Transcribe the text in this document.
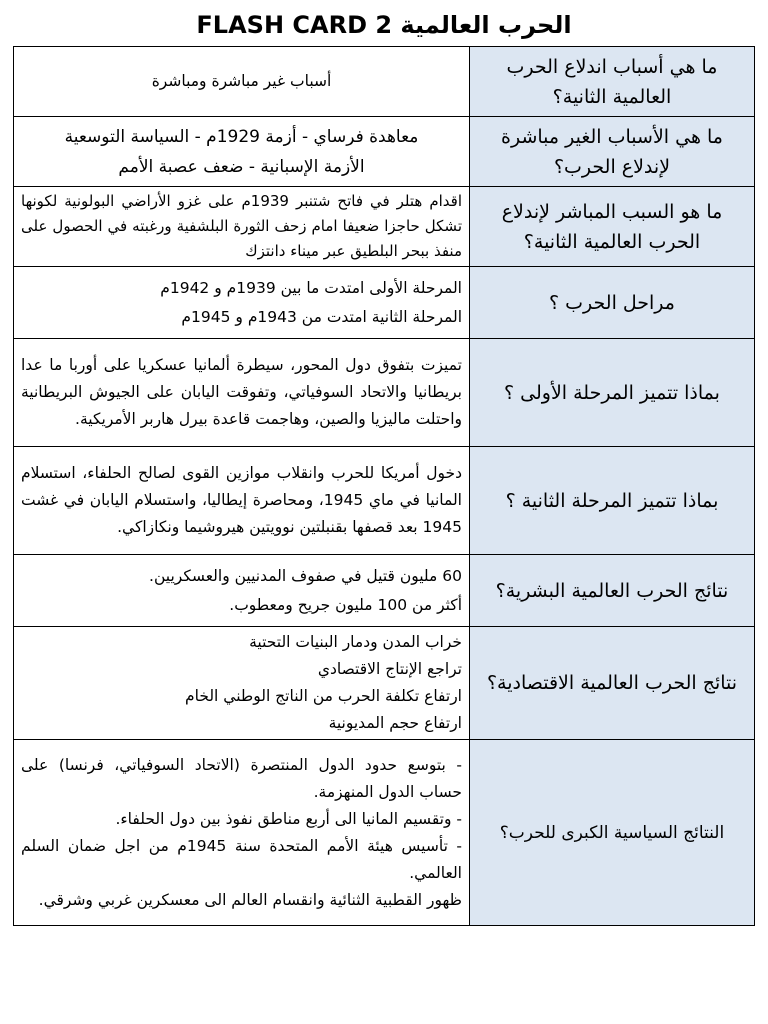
الحرب العالمية FLASH CARD 2
ما هي أسباب اندلاع الحرب العالمية الثانية؟	أسباب غير مباشرة ومباشرة

ما هي الأسباب الغير مباشرة لإندلاع الحرب؟	معاهدة فرساي - أزمة 1929م - السياسة التوسعية
الأزمة الإسبانية - ضعف عصبة الأمم

ما هو السبب المباشر لإندلاع الحرب العالمية الثانية؟	اقدام هتلر في فاتح شتنبر 1939م على غزو الأراضي البولونية لكونها تشكل حاجزا ضعيفا امام زحف الثورة البلشفية ورغبته في الحصول على منفذ ببحر البلطيق عبر ميناء دانتزك

مراحل الحرب ؟	المرحلة الأولى امتدت ما بين 1939م و 1942م
المرحلة الثانية امتدت من 1943م و 1945م

بماذا تتميز المرحلة الأولى ؟	تميزت بتفوق دول المحور، سيطرة ألمانيا عسكريا على أوربا ما عدا بريطانيا والاتحاد السوفياتي، وتفوقت اليابان على الجيوش البريطانية واحتلت ماليزيا والصين، وهاجمت قاعدة بيرل هاربر الأمريكية.

بماذا تتميز المرحلة الثانية ؟	دخول أمريكا للحرب وانقلاب موازين القوى لصالح الحلفاء، استسلام المانيا في ماي 1945، ومحاصرة إيطاليا، واستسلام اليابان في غشت 1945 بعد قصفها بقنبلتين نوويتين هيروشيما ونكازاكي.

نتائج الحرب العالمية البشرية؟	60 مليون قتيل في صفوف المدنيين والعسكريين.
أكثر من 100 مليون جريح ومعطوب.

نتائج الحرب العالمية الاقتصادية؟	خراب المدن ودمار البنيات التحتية
تراجع الإنتاج الاقتصادي
ارتفاع تكلفة الحرب من الناتج الوطني الخام
ارتفاع حجم المديونية

النتائج السياسية الكبرى للحرب؟	- بتوسع حدود الدول المنتصرة (الاتحاد السوفياتي، فرنسا) على حساب الدول المنهزمة.
- وتقسيم المانيا الى أربع مناطق نفوذ بين دول الحلفاء.
- تأسيس هيئة الأمم المتحدة سنة 1945م من اجل ضمان السلم العالمي.
ظهور القطبية الثنائية وانقسام العالم الى معسكرين غربي وشرقي.
